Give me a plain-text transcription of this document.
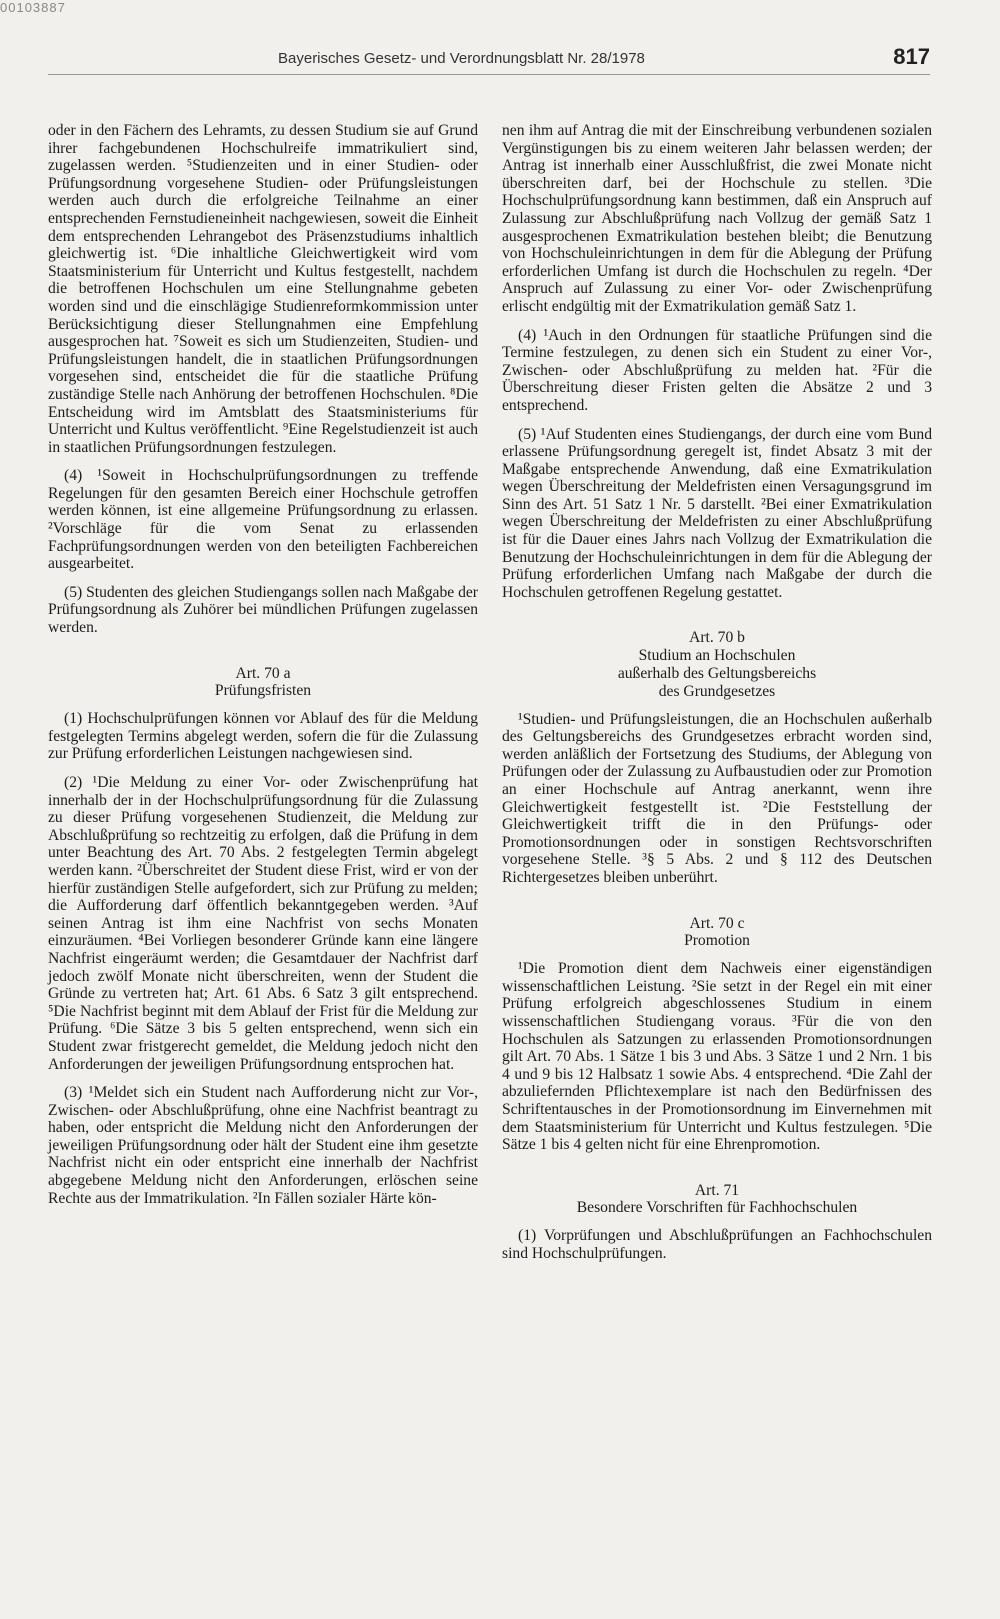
00103887
Bayerisches Gesetz- und Verordnungsblatt Nr. 28/1978	817

oder in den Fächern des Lehramts, zu dessen Studium sie auf Grund ihrer fachgebundenen Hochschulreife immatrikuliert sind, zugelassen werden. ⁵Studienzeiten und in einer Studien- oder Prüfungsordnung vorgesehene Studien- oder Prüfungsleistungen werden auch durch die erfolgreiche Teilnahme an einer entsprechenden Fernstudieneinheit nachgewiesen, soweit die Einheit dem entsprechenden Lehrangebot des Präsenzstudiums inhaltlich gleichwertig ist. ⁶Die inhaltliche Gleichwertigkeit wird vom Staatsministerium für Unterricht und Kultus festgestellt, nachdem die betroffenen Hochschulen um eine Stellungnahme gebeten worden sind und die einschlägige Studienreformkommission unter Berücksichtigung dieser Stellungnahmen eine Empfehlung ausgesprochen hat. ⁷Soweit es sich um Studienzeiten, Studien- und Prüfungsleistungen handelt, die in staatlichen Prüfungsordnungen vorgesehen sind, entscheidet die für die staatliche Prüfung zuständige Stelle nach Anhörung der betroffenen Hochschulen. ⁸Die Entscheidung wird im Amtsblatt des Staatsministeriums für Unterricht und Kultus veröffentlicht. ⁹Eine Regelstudienzeit ist auch in staatlichen Prüfungsordnungen festzulegen.

(4) ¹Soweit in Hochschulprüfungsordnungen zu treffende Regelungen für den gesamten Bereich einer Hochschule getroffen werden können, ist eine allgemeine Prüfungsordnung zu erlassen. ²Vorschläge für die vom Senat zu erlassenden Fachprüfungsordnungen werden von den beteiligten Fachbereichen ausgearbeitet.

(5) Studenten des gleichen Studiengangs sollen nach Maßgabe der Prüfungsordnung als Zuhörer bei mündlichen Prüfungen zugelassen werden.

Art. 70 a
Prüfungsfristen

(1) Hochschulprüfungen können vor Ablauf des für die Meldung festgelegten Termins abgelegt werden, sofern die für die Zulassung zur Prüfung erforderlichen Leistungen nachgewiesen sind.

(2) ¹Die Meldung zu einer Vor- oder Zwischenprüfung hat innerhalb der in der Hochschulprüfungsordnung für die Zulassung zu dieser Prüfung vorgesehenen Studienzeit, die Meldung zur Abschlußprüfung so rechtzeitig zu erfolgen, daß die Prüfung in dem unter Beachtung des Art. 70 Abs. 2 festgelegten Termin abgelegt werden kann. ²Überschreitet der Student diese Frist, wird er von der hierfür zuständigen Stelle aufgefordert, sich zur Prüfung zu melden; die Aufforderung darf öffentlich bekanntgegeben werden. ³Auf seinen Antrag ist ihm eine Nachfrist von sechs Monaten einzuräumen. ⁴Bei Vorliegen besonderer Gründe kann eine längere Nachfrist eingeräumt werden; die Gesamtdauer der Nachfrist darf jedoch zwölf Monate nicht überschreiten, wenn der Student die Gründe zu vertreten hat; Art. 61 Abs. 6 Satz 3 gilt entsprechend. ⁵Die Nachfrist beginnt mit dem Ablauf der Frist für die Meldung zur Prüfung. ⁶Die Sätze 3 bis 5 gelten entsprechend, wenn sich ein Student zwar fristgerecht gemeldet, die Meldung jedoch nicht den Anforderungen der jeweiligen Prüfungsordnung entsprochen hat.

(3) ¹Meldet sich ein Student nach Aufforderung nicht zur Vor-, Zwischen- oder Abschlußprüfung, ohne eine Nachfrist beantragt zu haben, oder entspricht die Meldung nicht den Anforderungen der jeweiligen Prüfungsordnung oder hält der Student eine ihm gesetzte Nachfrist nicht ein oder entspricht eine innerhalb der Nachfrist abgegebene Meldung nicht den Anforderungen, erlöschen seine Rechte aus der Immatrikulation. ²In Fällen sozialer Härte kön-

nen ihm auf Antrag die mit der Einschreibung verbundenen sozialen Vergünstigungen bis zu einem weiteren Jahr belassen werden; der Antrag ist innerhalb einer Ausschlußfrist, die zwei Monate nicht überschreiten darf, bei der Hochschule zu stellen. ³Die Hochschulprüfungsordnung kann bestimmen, daß ein Anspruch auf Zulassung zur Abschlußprüfung nach Vollzug der gemäß Satz 1 ausgesprochenen Exmatrikulation bestehen bleibt; die Benutzung von Hochschuleinrichtungen in dem für die Ablegung der Prüfung erforderlichen Umfang ist durch die Hochschulen zu regeln. ⁴Der Anspruch auf Zulassung zu einer Vor- oder Zwischenprüfung erlischt endgültig mit der Exmatrikulation gemäß Satz 1.

(4) ¹Auch in den Ordnungen für staatliche Prüfungen sind die Termine festzulegen, zu denen sich ein Student zu einer Vor-, Zwischen- oder Abschlußprüfung zu melden hat. ²Für die Überschreitung dieser Fristen gelten die Absätze 2 und 3 entsprechend.

(5) ¹Auf Studenten eines Studiengangs, der durch eine vom Bund erlassene Prüfungsordnung geregelt ist, findet Absatz 3 mit der Maßgabe entsprechende Anwendung, daß eine Exmatrikulation wegen Überschreitung der Meldefristen einen Versagungsgrund im Sinn des Art. 51 Satz 1 Nr. 5 darstellt. ²Bei einer Exmatrikulation wegen Überschreitung der Meldefristen zu einer Abschlußprüfung ist für die Dauer eines Jahrs nach Vollzug der Exmatrikulation die Benutzung der Hochschuleinrichtungen in dem für die Ablegung der Prüfung erforderlichen Umfang nach Maßgabe der durch die Hochschulen getroffenen Regelung gestattet.

Art. 70 b
Studium an Hochschulen
außerhalb des Geltungsbereichs
des Grundgesetzes

¹Studien- und Prüfungsleistungen, die an Hochschulen außerhalb des Geltungsbereichs des Grundgesetzes erbracht worden sind, werden anläßlich der Fortsetzung des Studiums, der Ablegung von Prüfungen oder der Zulassung zu Aufbaustudien oder zur Promotion an einer Hochschule auf Antrag anerkannt, wenn ihre Gleichwertigkeit festgestellt ist. ²Die Feststellung der Gleichwertigkeit trifft die in den Prüfungs- oder Promotionsordnungen oder in sonstigen Rechtsvorschriften vorgesehene Stelle. ³§ 5 Abs. 2 und § 112 des Deutschen Richtergesetzes bleiben unberührt.

Art. 70 c
Promotion

¹Die Promotion dient dem Nachweis einer eigenständigen wissenschaftlichen Leistung. ²Sie setzt in der Regel ein mit einer Prüfung erfolgreich abgeschlossenes Studium in einem wissenschaftlichen Studiengang voraus. ³Für die von den Hochschulen als Satzungen zu erlassenden Promotionsordnungen gilt Art. 70 Abs. 1 Sätze 1 bis 3 und Abs. 3 Sätze 1 und 2 Nrn. 1 bis 4 und 9 bis 12 Halbsatz 1 sowie Abs. 4 entsprechend. ⁴Die Zahl der abzuliefernden Pflichtexemplare ist nach den Bedürfnissen des Schriftentausches in der Promotionsordnung im Einvernehmen mit dem Staatsministerium für Unterricht und Kultus festzulegen. ⁵Die Sätze 1 bis 4 gelten nicht für eine Ehrenpromotion.

Art. 71
Besondere Vorschriften für Fachhochschulen

(1) Vorprüfungen und Abschlußprüfungen an Fachhochschulen sind Hochschulprüfungen.
